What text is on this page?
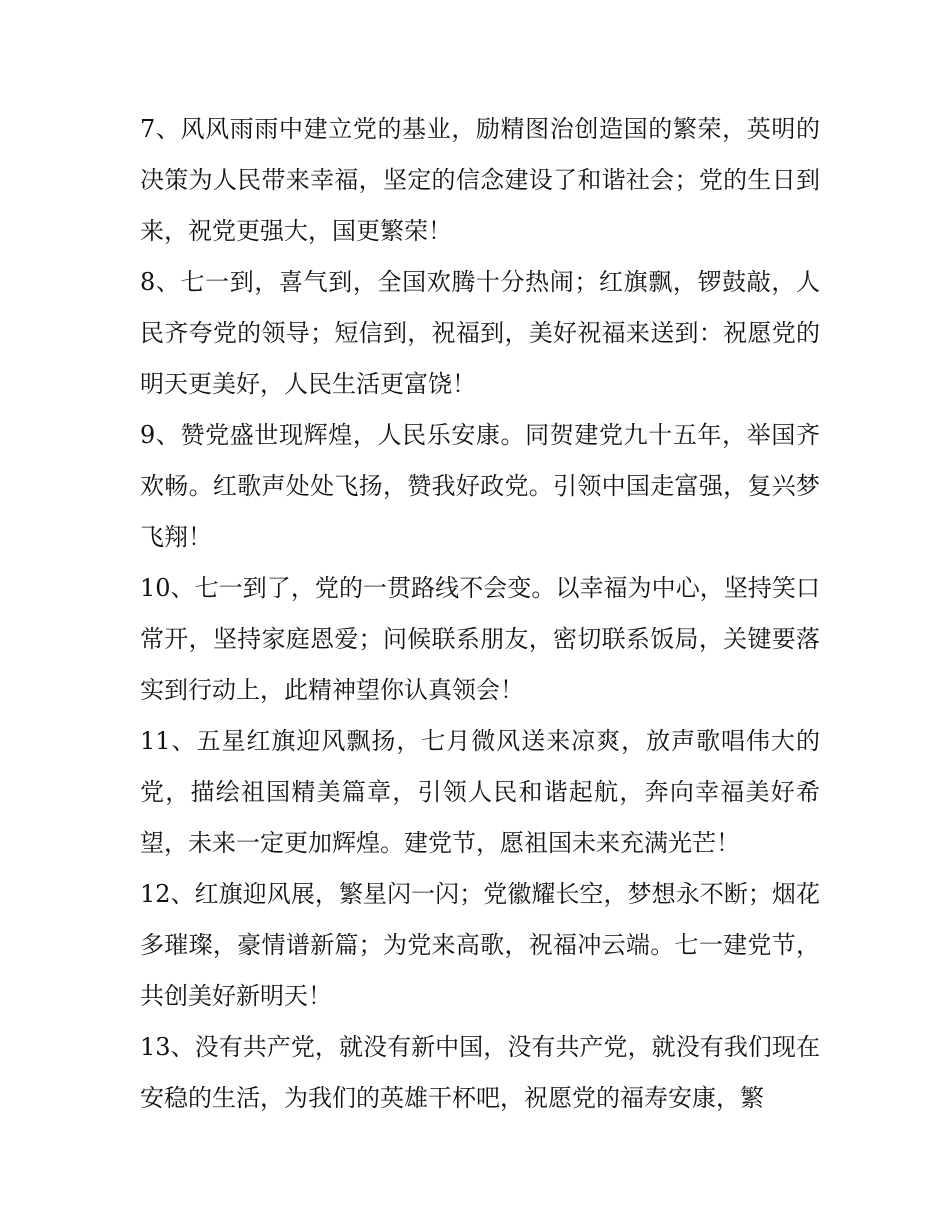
7、风风雨雨中建立党的基业，励精图治创造国的繁荣，英明的决策为人民带来幸福，坚定的信念建设了和谐社会；党的生日到来，祝党更强大，国更繁荣！

8、七一到，喜气到，全国欢腾十分热闹；红旗飘，锣鼓敲，人民齐夸党的领导；短信到，祝福到，美好祝福来送到：祝愿党的明天更美好，人民生活更富饶！

9、赞党盛世现辉煌，人民乐安康。同贺建党九十五年，举国齐欢畅。红歌声处处飞扬，赞我好政党。引领中国走富强，复兴梦飞翔！

10、七一到了，党的一贯路线不会变。以幸福为中心，坚持笑口常开，坚持家庭恩爱；问候联系朋友，密切联系饭局，关键要落实到行动上，此精神望你认真领会！

11、五星红旗迎风飘扬，七月微风送来凉爽，放声歌唱伟大的党，描绘祖国精美篇章，引领人民和谐起航，奔向幸福美好希望，未来一定更加辉煌。建党节，愿祖国未来充满光芒！

12、红旗迎风展，繁星闪一闪；党徽耀长空，梦想永不断；烟花多璀璨，豪情谱新篇；为党来高歌，祝福冲云端。七一建党节，共创美好新明天！

13、没有共产党，就没有新中国，没有共产党，就没有我们现在安稳的生活，为我们的英雄干杯吧，祝愿党的福寿安康，繁
